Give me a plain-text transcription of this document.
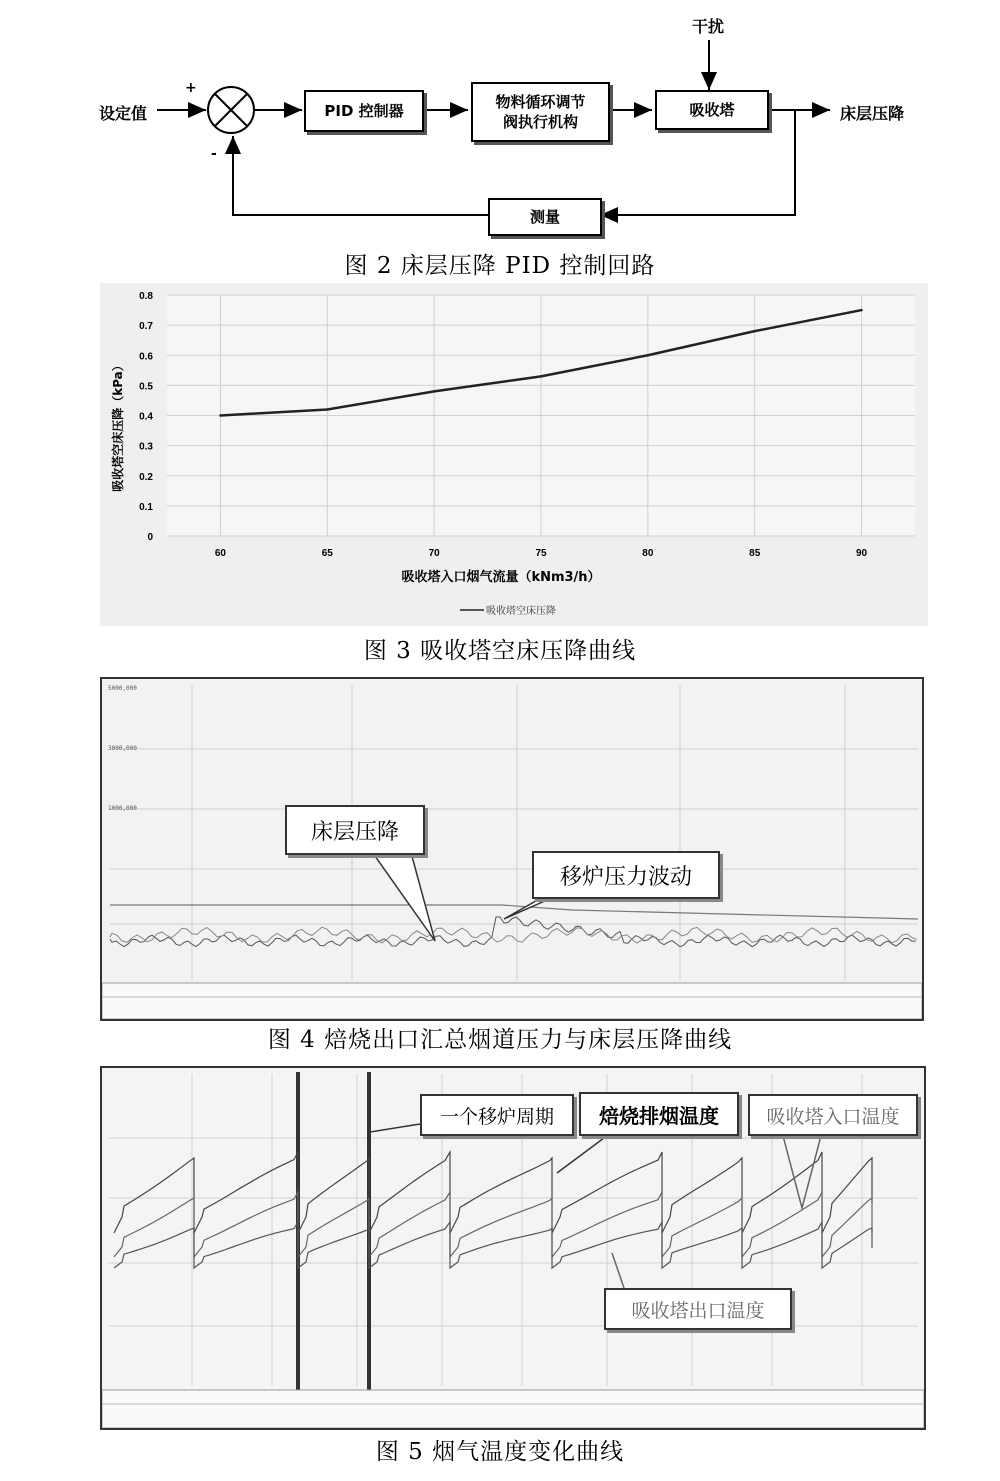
设定值
+
-
PID 控制器
物料循环调节
阀执行机构
干扰
吸收塔	床层压降
测量
图 2 床层压降 PID 控制回路
0
0.1
0.2
0.3
0.4
0.5
0.6
0.7
0.8
60	65	70	75	80	85	90
吸收塔入口烟气流量（kNm3/h）
吸收塔空床压降（kPa）
吸收塔空床压降
图 3 吸收塔空床压降曲线
5000,000
3000,000
1000,000
床层压降
移炉压力波动
图 4 焙烧出口汇总烟道压力与床层压降曲线
一个移炉周期	焙烧排烟温度	吸收塔入口温度
吸收塔出口温度
图 5 烟气温度变化曲线
